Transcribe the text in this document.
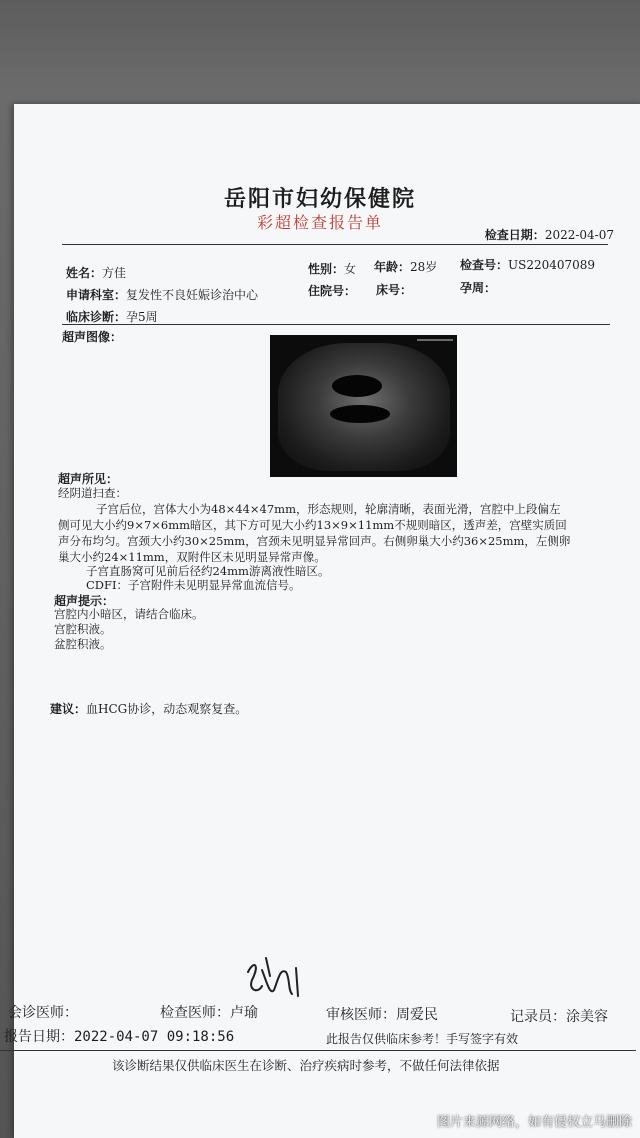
岳阳市妇幼保健院
彩超检查报告单
检查日期：2022-04-07
姓名：方佳	性别：女 年龄：28岁 检查号：US220407089
申请科室：复发性不良妊娠诊治中心	住院号： 床号：	孕周：
临床诊断：孕5周
超声图像：
超声所见：
经阴道扫查：
子宫后位，宫体大小为48×44×47mm，形态规则，轮廓清晰，表面光滑，宫腔中上段偏左
侧可见大小约9×7×6mm暗区，其下方可见大小约13×9×11mm不规则暗区，透声差，宫壁实质回
声分布均匀。宫颈大小约30×25mm，宫颈未见明显异常回声。右侧卵巢大小约36×25mm，左侧卵
巢大小约24×11mm，双附件区未见明显异常声像。
子宫直肠窝可见前后径约24mm游离液性暗区。
CDFI：子宫附件未见明显异常血流信号。
超声提示：
宫腔内小暗区，请结合临床。
宫腔积液。
盆腔积液。
建议：血HCG协诊，动态观察复查。
会诊医师：	检查医师：卢瑜	审核医师：周爱民	记录员：涂美容
报告日期：2022-04-07 09:18:56	此报告仅供临床参考！手写签字有效
该诊断结果仅供临床医生在诊断、治疗疾病时参考，不做任何法律依据
图片来源网络，如有侵权立马删除
